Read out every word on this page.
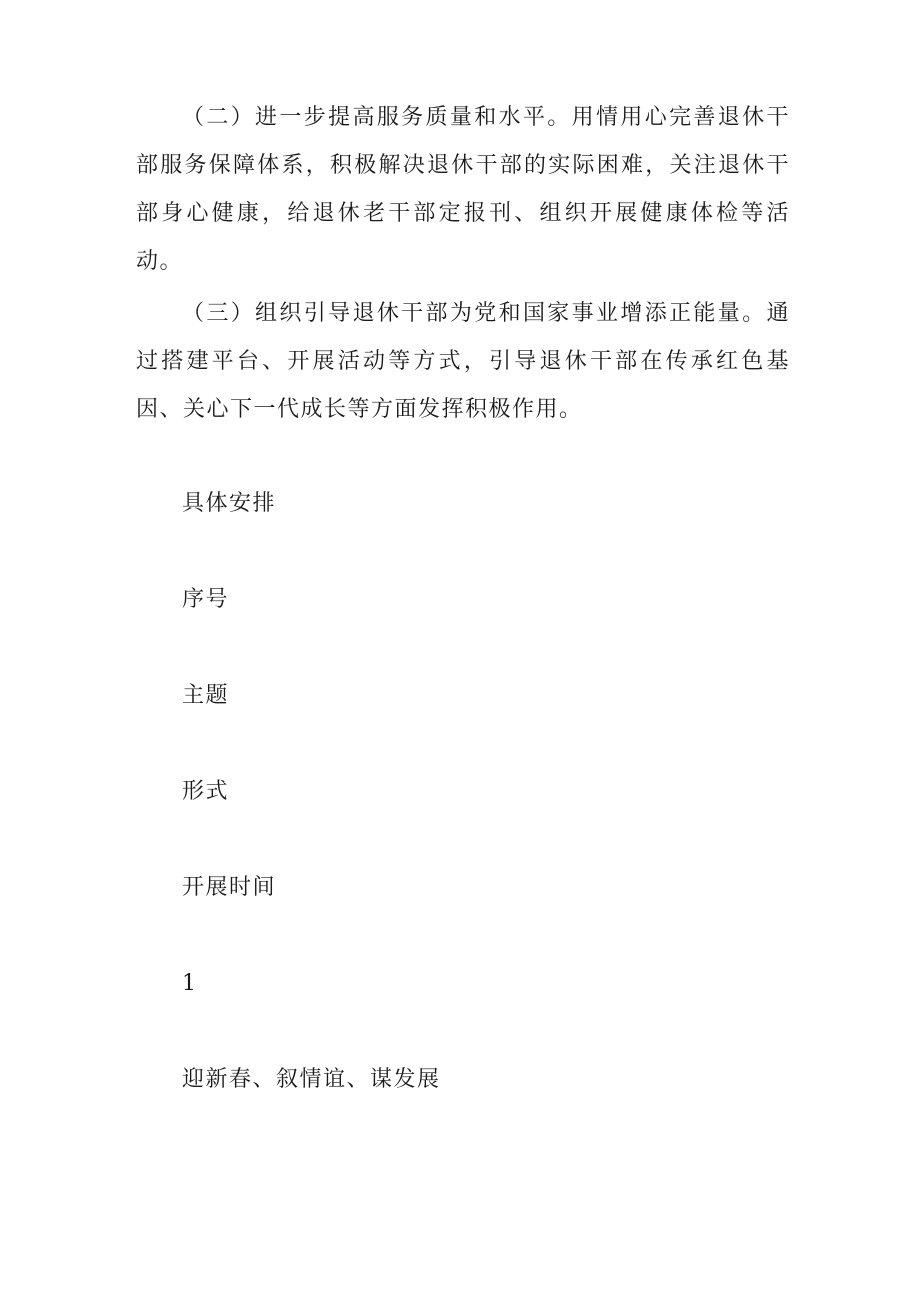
（二）进一步提高服务质量和水平。用情用心完善退休干部服务保障体系，积极解决退休干部的实际困难，关注退休干部身心健康，给退休老干部定报刊、组织开展健康体检等活动。

（三）组织引导退休干部为党和国家事业增添正能量。通过搭建平台、开展活动等方式，引导退休干部在传承红色基因、关心下一代成长等方面发挥积极作用。

具体安排

序号

主题

形式

开展时间

1

迎新春、叙情谊、谋发展
